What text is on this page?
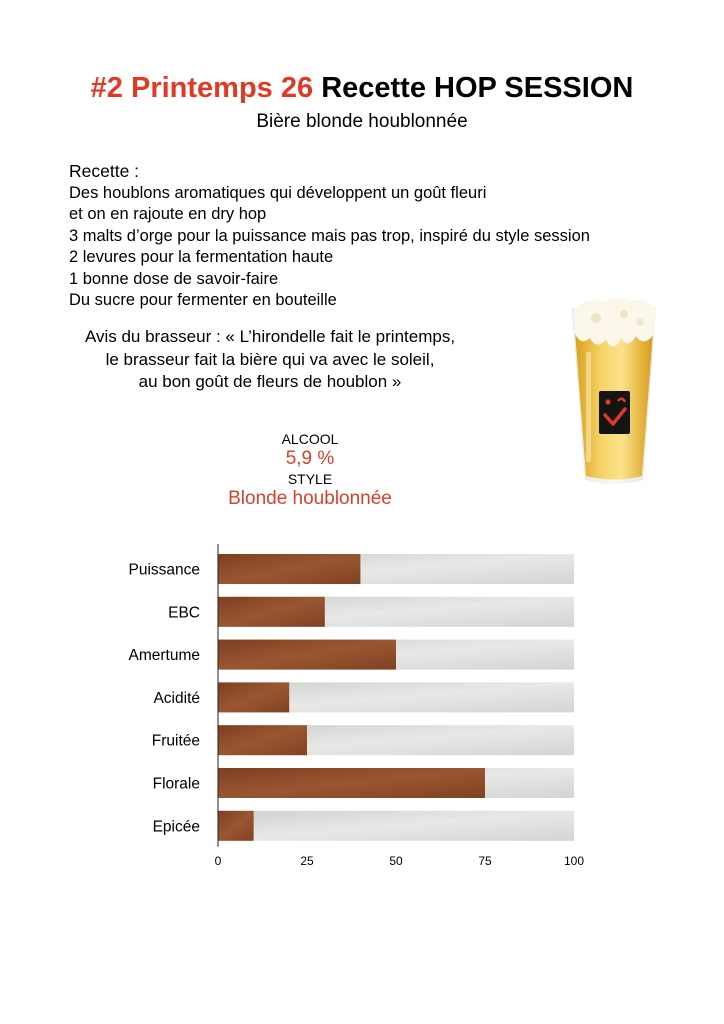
#2 Printemps 26 Recette HOP SESSION
Bière blonde houblonnée
Recette :
Des houblons aromatiques qui développent un goût fleuri
et on en rajoute en dry hop
3 malts d’orge pour la puissance mais pas trop, inspiré du style session
2 levures pour la fermentation haute
1 bonne dose de savoir-faire
Du sucre pour fermenter en bouteille
Avis du brasseur : « L’hirondelle fait le printemps,
le brasseur fait la bière qui va avec le soleil,
au bon goût de fleurs de houblon »
ALCOOL
5,9 %
STYLE
Blonde houblonnée
Puissance
EBC
Amertume
Acidité
Fruitée
Florale
Epicée
0	25	50	75	100
